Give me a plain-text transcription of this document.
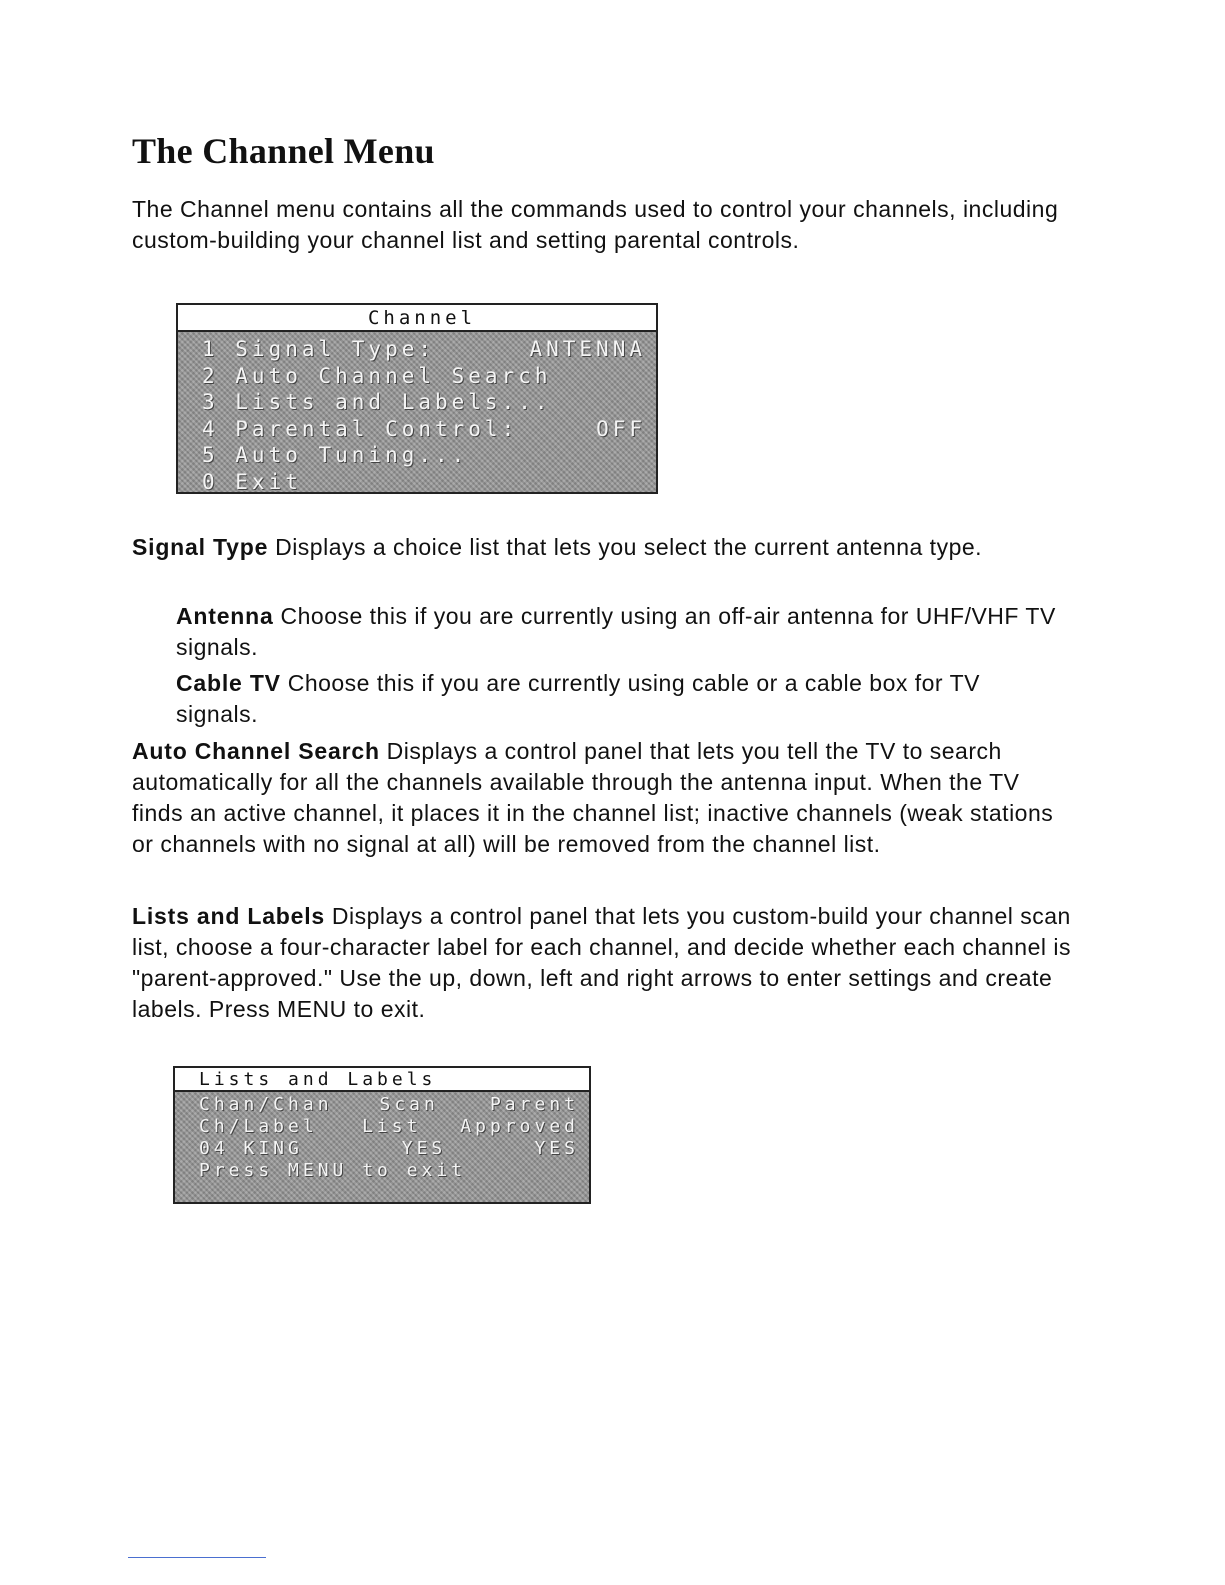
The Channel Menu

The Channel menu contains all the commands used to control your channels, including custom-building your channel list and setting parental controls.

Channel
1 Signal Type:	ANTENNA
2 Auto Channel Search
3 Lists and Labels...
4 Parental Control:	OFF
5 Auto Tuning...
0 Exit

Signal Type Displays a choice list that lets you select the current antenna type.

Antenna Choose this if you are currently using an off-air antenna for UHF/VHF TV signals.

Cable TV Choose this if you are currently using cable or a cable box for TV signals.

Auto Channel Search Displays a control panel that lets you tell the TV to search automatically for all the channels available through the antenna input. When the TV finds an active channel, it places it in the channel list; inactive channels (weak stations or channels with no signal at all) will be removed from the channel list.

Lists and Labels Displays a control panel that lets you custom-build your channel scan list, choose a four-character label for each channel, and decide whether each channel is "parent-approved." Use the up, down, left and right arrows to enter settings and create labels. Press MENU to exit.

Lists and Labels
Chan/Chan	Scan	Parent
Ch/Label	List	Approved
04 KING	YES	YES
Press MENU to exit
